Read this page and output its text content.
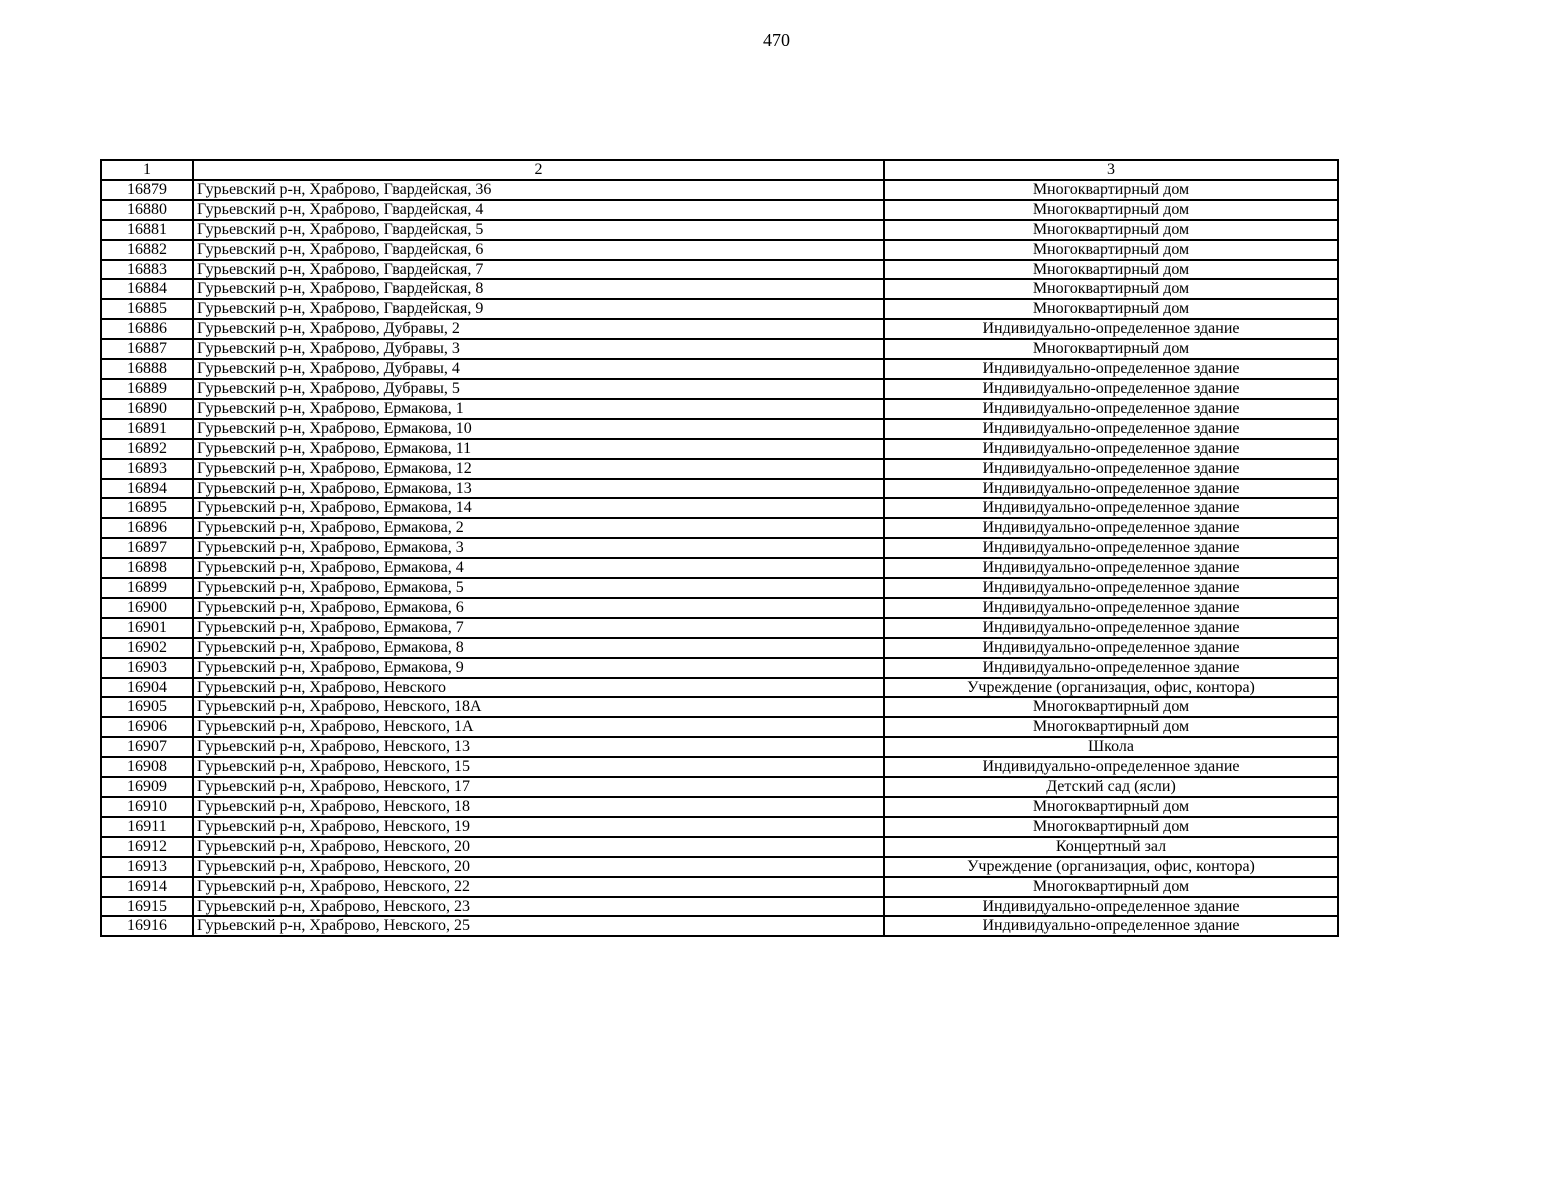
470
1	2	3
16879	Гурьевский р-н, Храброво, Гвардейская, 36	Многоквартирный дом
16880	Гурьевский р-н, Храброво, Гвардейская, 4	Многоквартирный дом
16881	Гурьевский р-н, Храброво, Гвардейская, 5	Многоквартирный дом
16882	Гурьевский р-н, Храброво, Гвардейская, 6	Многоквартирный дом
16883	Гурьевский р-н, Храброво, Гвардейская, 7	Многоквартирный дом
16884	Гурьевский р-н, Храброво, Гвардейская, 8	Многоквартирный дом
16885	Гурьевский р-н, Храброво, Гвардейская, 9	Многоквартирный дом
16886	Гурьевский р-н, Храброво, Дубравы, 2	Индивидуально-определенное здание
16887	Гурьевский р-н, Храброво, Дубравы, 3	Многоквартирный дом
16888	Гурьевский р-н, Храброво, Дубравы, 4	Индивидуально-определенное здание
16889	Гурьевский р-н, Храброво, Дубравы, 5	Индивидуально-определенное здание
16890	Гурьевский р-н, Храброво, Ермакова, 1	Индивидуально-определенное здание
16891	Гурьевский р-н, Храброво, Ермакова, 10	Индивидуально-определенное здание
16892	Гурьевский р-н, Храброво, Ермакова, 11	Индивидуально-определенное здание
16893	Гурьевский р-н, Храброво, Ермакова, 12	Индивидуально-определенное здание
16894	Гурьевский р-н, Храброво, Ермакова, 13	Индивидуально-определенное здание
16895	Гурьевский р-н, Храброво, Ермакова, 14	Индивидуально-определенное здание
16896	Гурьевский р-н, Храброво, Ермакова, 2	Индивидуально-определенное здание
16897	Гурьевский р-н, Храброво, Ермакова, 3	Индивидуально-определенное здание
16898	Гурьевский р-н, Храброво, Ермакова, 4	Индивидуально-определенное здание
16899	Гурьевский р-н, Храброво, Ермакова, 5	Индивидуально-определенное здание
16900	Гурьевский р-н, Храброво, Ермакова, 6	Индивидуально-определенное здание
16901	Гурьевский р-н, Храброво, Ермакова, 7	Индивидуально-определенное здание
16902	Гурьевский р-н, Храброво, Ермакова, 8	Индивидуально-определенное здание
16903	Гурьевский р-н, Храброво, Ермакова, 9	Индивидуально-определенное здание
16904	Гурьевский р-н, Храброво, Невского	Учреждение (организация, офис, контора)
16905	Гурьевский р-н, Храброво, Невского, 18А	Многоквартирный дом
16906	Гурьевский р-н, Храброво, Невского, 1А	Многоквартирный дом
16907	Гурьевский р-н, Храброво, Невского, 13	Школа
16908	Гурьевский р-н, Храброво, Невского, 15	Индивидуально-определенное здание
16909	Гурьевский р-н, Храброво, Невского, 17	Детский сад (ясли)
16910	Гурьевский р-н, Храброво, Невского, 18	Многоквартирный дом
16911	Гурьевский р-н, Храброво, Невского, 19	Многоквартирный дом
16912	Гурьевский р-н, Храброво, Невского, 20	Концертный зал
16913	Гурьевский р-н, Храброво, Невского, 20	Учреждение (организация, офис, контора)
16914	Гурьевский р-н, Храброво, Невского, 22	Многоквартирный дом
16915	Гурьевский р-н, Храброво, Невского, 23	Индивидуально-определенное здание
16916	Гурьевский р-н, Храброво, Невского, 25	Индивидуально-определенное здание
